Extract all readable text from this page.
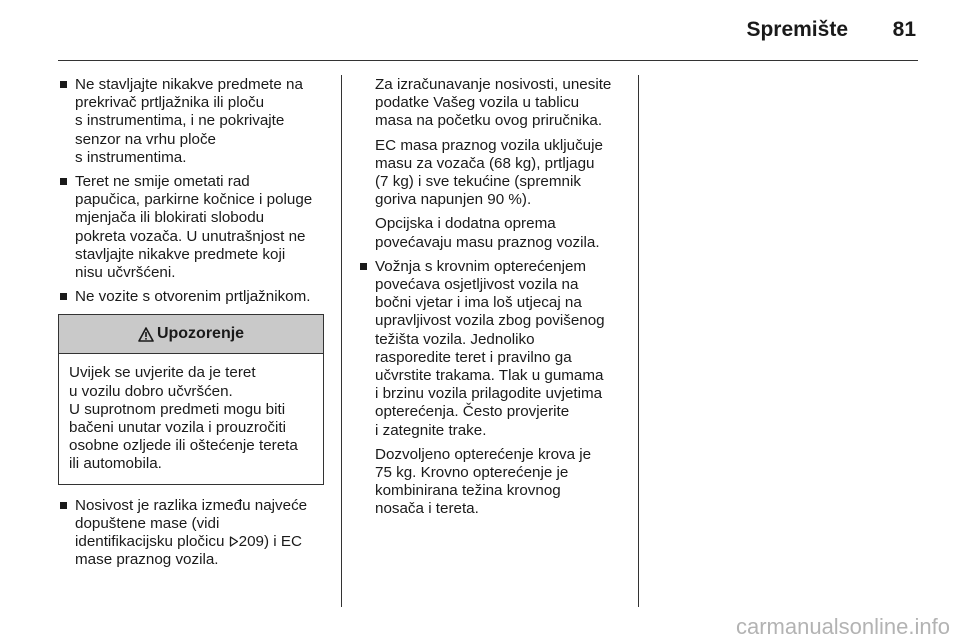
Spremište	81
Ne stavljajte nikakve predmete na
prekrivač prtljažnika ili ploču
s instrumentima, i ne pokrivajte
senzor na vrhu ploče
s instrumentima.
Teret ne smije ometati rad
papučica, parkirne kočnice i poluge
mjenjača ili blokirati slobodu
pokreta vozača. U unutrašnjost ne
stavljajte nikakve predmete koji
nisu učvršćeni.
Ne vozite s otvorenim prtljažnikom.
Upozorenje
Uvijek se uvjerite da je teret
u vozilu dobro učvršćen.
U suprotnom predmeti mogu biti
bačeni unutar vozila i prouzročiti
osobne ozljede ili oštećenje tereta
ili automobila.
Nosivost je razlika između najveće
dopuštene mase (vidi
identifikacijsku pločicu 209) i EC
mase praznog vozila.
Za izračunavanje nosivosti, unesite
podatke Vašeg vozila u tablicu
masa na početku ovog priručnika.
EC masa praznog vozila uključuje
masu za vozača (68 kg), prtljagu
(7 kg) i sve tekućine (spremnik
goriva napunjen 90 %).
Opcijska i dodatna oprema
povećavaju masu praznog vozila.
Vožnja s krovnim opterećenjem
povećava osjetljivost vozila na
bočni vjetar i ima loš utjecaj na
upravljivost vozila zbog povišenog
težišta vozila. Jednoliko
rasporedite teret i pravilno ga
učvrstite trakama. Tlak u gumama
i brzinu vozila prilagodite uvjetima
opterećenja. Često provjerite
i zategnite trake.
Dozvoljeno opterećenje krova je
75 kg. Krovno opterećenje je
kombinirana težina krovnog
nosača i tereta.
carmanualsonline.info
